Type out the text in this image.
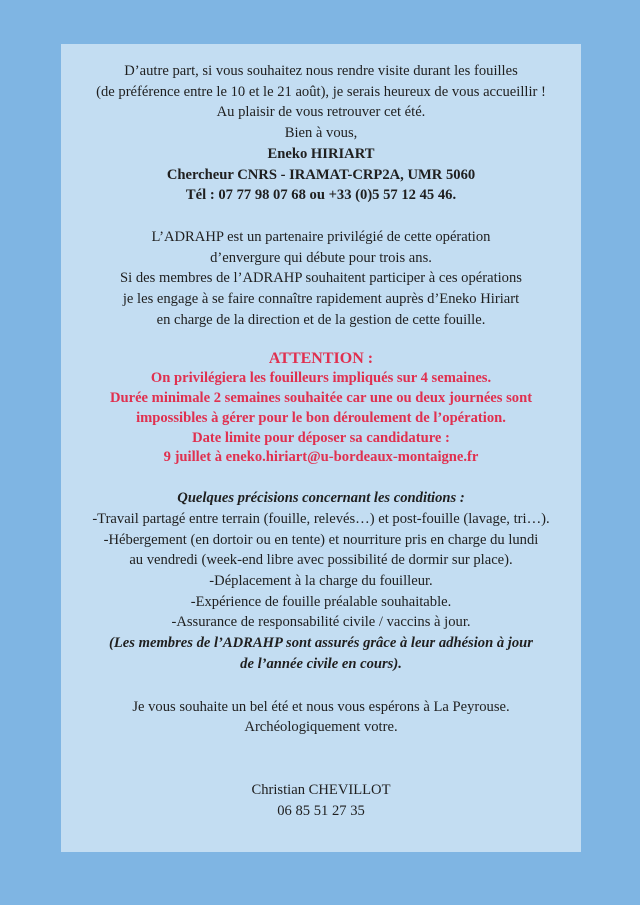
D’autre part, si vous souhaitez nous rendre visite durant les fouilles
(de préférence entre le 10 et le 21 août), je serais heureux de vous accueillir !
Au plaisir de vous retrouver cet été.
Bien à vous,
Eneko HIRIART
Chercheur CNRS - IRAMAT-CRP2A, UMR 5060
Tél : 07 77 98 07 68 ou +33 (0)5 57 12 45 46.
L’ADRAHP est un partenaire privilégié de cette opération
d’envergure qui débute pour trois ans.
Si des membres de l’ADRAHP souhaitent participer à ces opérations
je les engage à se faire connaître rapidement auprès d’Eneko Hiriart
en charge de la direction et de la gestion de cette fouille.
ATTENTION :
On privilégiera les fouilleurs impliqués sur 4 semaines.
Durée minimale 2 semaines souhaitée car une ou deux journées sont
impossibles à gérer pour le bon déroulement de l’opération.
Date limite pour déposer sa candidature :
9 juillet à eneko.hiriart@u-bordeaux-montaigne.fr
Quelques précisions concernant les conditions :
-Travail partagé entre terrain (fouille, relevés…) et post-fouille (lavage, tri…).
-Hébergement (en dortoir ou en tente) et nourriture pris en charge du lundi
au vendredi (week-end libre avec possibilité de dormir sur place).
-Déplacement à la charge du fouilleur.
-Expérience de fouille préalable souhaitable.
-Assurance de responsabilité civile / vaccins à jour.
(Les membres de l’ADRAHP sont assurés grâce à leur adhésion à jour
de l’année civile en cours).
Je vous souhaite un bel été et nous vous espérons à La Peyrouse.
Archéologiquement votre.
Christian CHEVILLOT
06 85 51 27 35
